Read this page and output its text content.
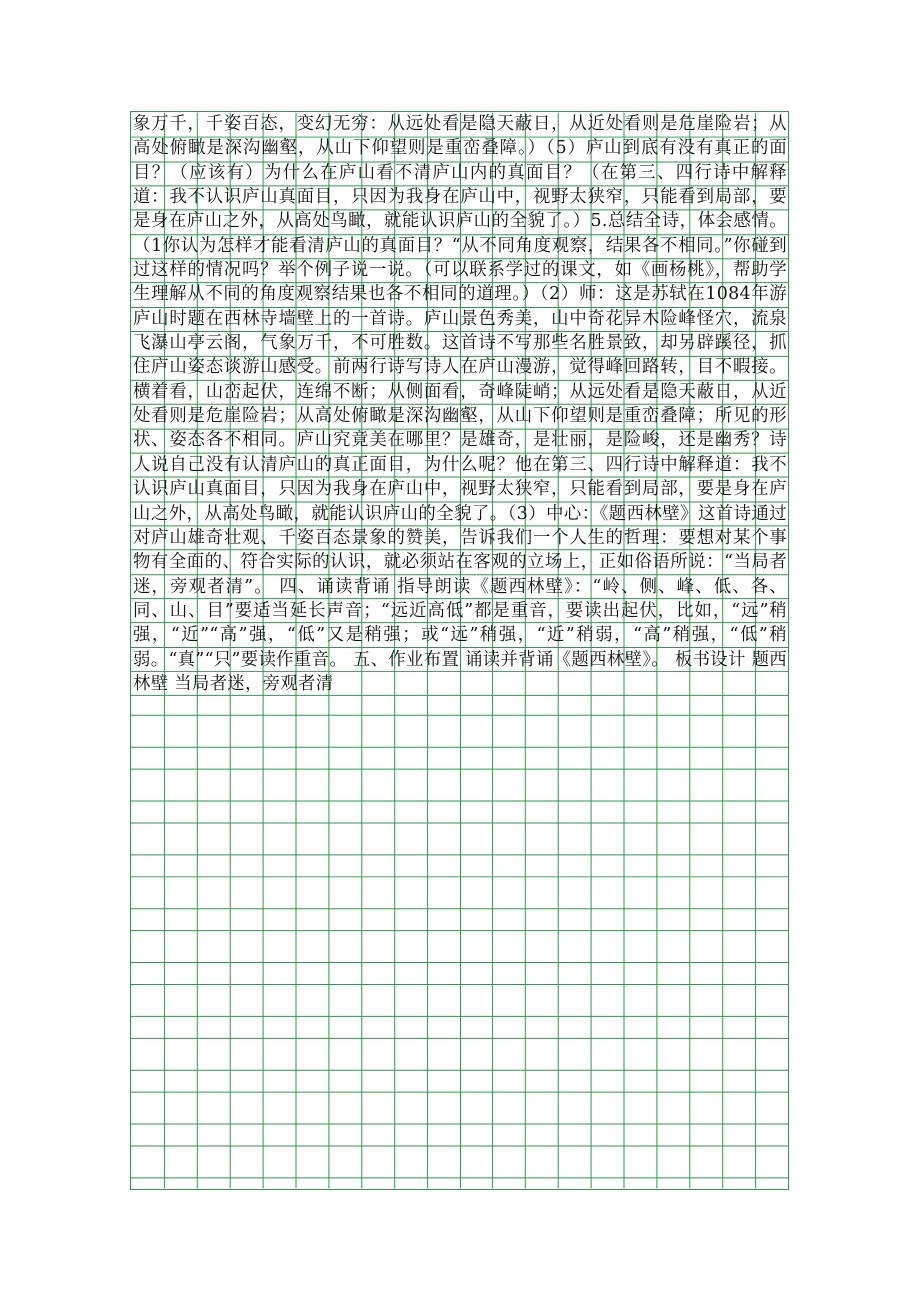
象万千，千姿百态，变幻无穷：从远处看是隐天蔽日，从近处看则是危崖险岩；从高处俯瞰是深沟幽壑，从山下仰望则是重峦叠障。）（5）庐山到底有没有真正的面目？（应该有）为什么在庐山看不清庐山内的真面目？（在第三、四行诗中解释道：我不认识庐山真面目，只因为我身在庐山中，视野太狭窄，只能看到局部，要是身在庐山之外，从高处鸟瞰，就能认识庐山的全貌了。）5.总结全诗，体会感情。 （1你认为怎样才能看清庐山的真面目？“从不同角度观察，结果各不相同。”你碰到过这样的情况吗？举个例子说一说。（可以联系学过的课文，如《画杨桃》，帮助学生理解从不同的角度观察结果也各不相同的道理。）（2）师：这是苏轼在1084年游庐山时题在西林寺墙壁上的一首诗。庐山景色秀美，山中奇花异木险峰怪穴，流泉飞瀑山亭云阁，气象万千，不可胜数。这首诗不写那些名胜景致，却另辟蹊径，抓住庐山姿态谈游山感受。前两行诗写诗人在庐山漫游，觉得峰回路转，目不暇接。横着看，山峦起伏，连绵不断；从侧面看，奇峰陡峭；从远处看是隐天蔽日，从近处看则是危崖险岩；从高处俯瞰是深沟幽壑，从山下仰望则是重峦叠障；所见的形状、姿态各不相同。庐山究竟美在哪里？是雄奇，是壮丽，是险峻，还是幽秀？诗人说自己没有认清庐山的真正面目，为什么呢？他在第三、四行诗中解释道：我不认识庐山真面目，只因为我身在庐山中，视野太狭窄，只能看到局部，要是身在庐山之外，从高处鸟瞰，就能认识庐山的全貌了。（3）中心：《题西林壁》这首诗通过对庐山雄奇壮观、千姿百态景象的赞美，告诉我们一个人生的哲理：要想对某个事物有全面的、符合实际的认识，就必须站在客观的立场上，正如俗语所说：“当局者迷，旁观者清”。 四、诵读背诵 指导朗读《题西林壁》：“岭、侧、峰、低、各、同、山、目”要适当延长声音；“远近高低”都是重音，要读出起伏，比如，“远”稍强，“近”“高”强，“低”又是稍强；或“远”稍强，“近”稍弱，“高”稍强，“低”稍弱。“真”“只”要读作重音。 五、作业布置 诵读并背诵《题西林壁》。 板书设计 题西林壁 当局者迷，旁观者清
